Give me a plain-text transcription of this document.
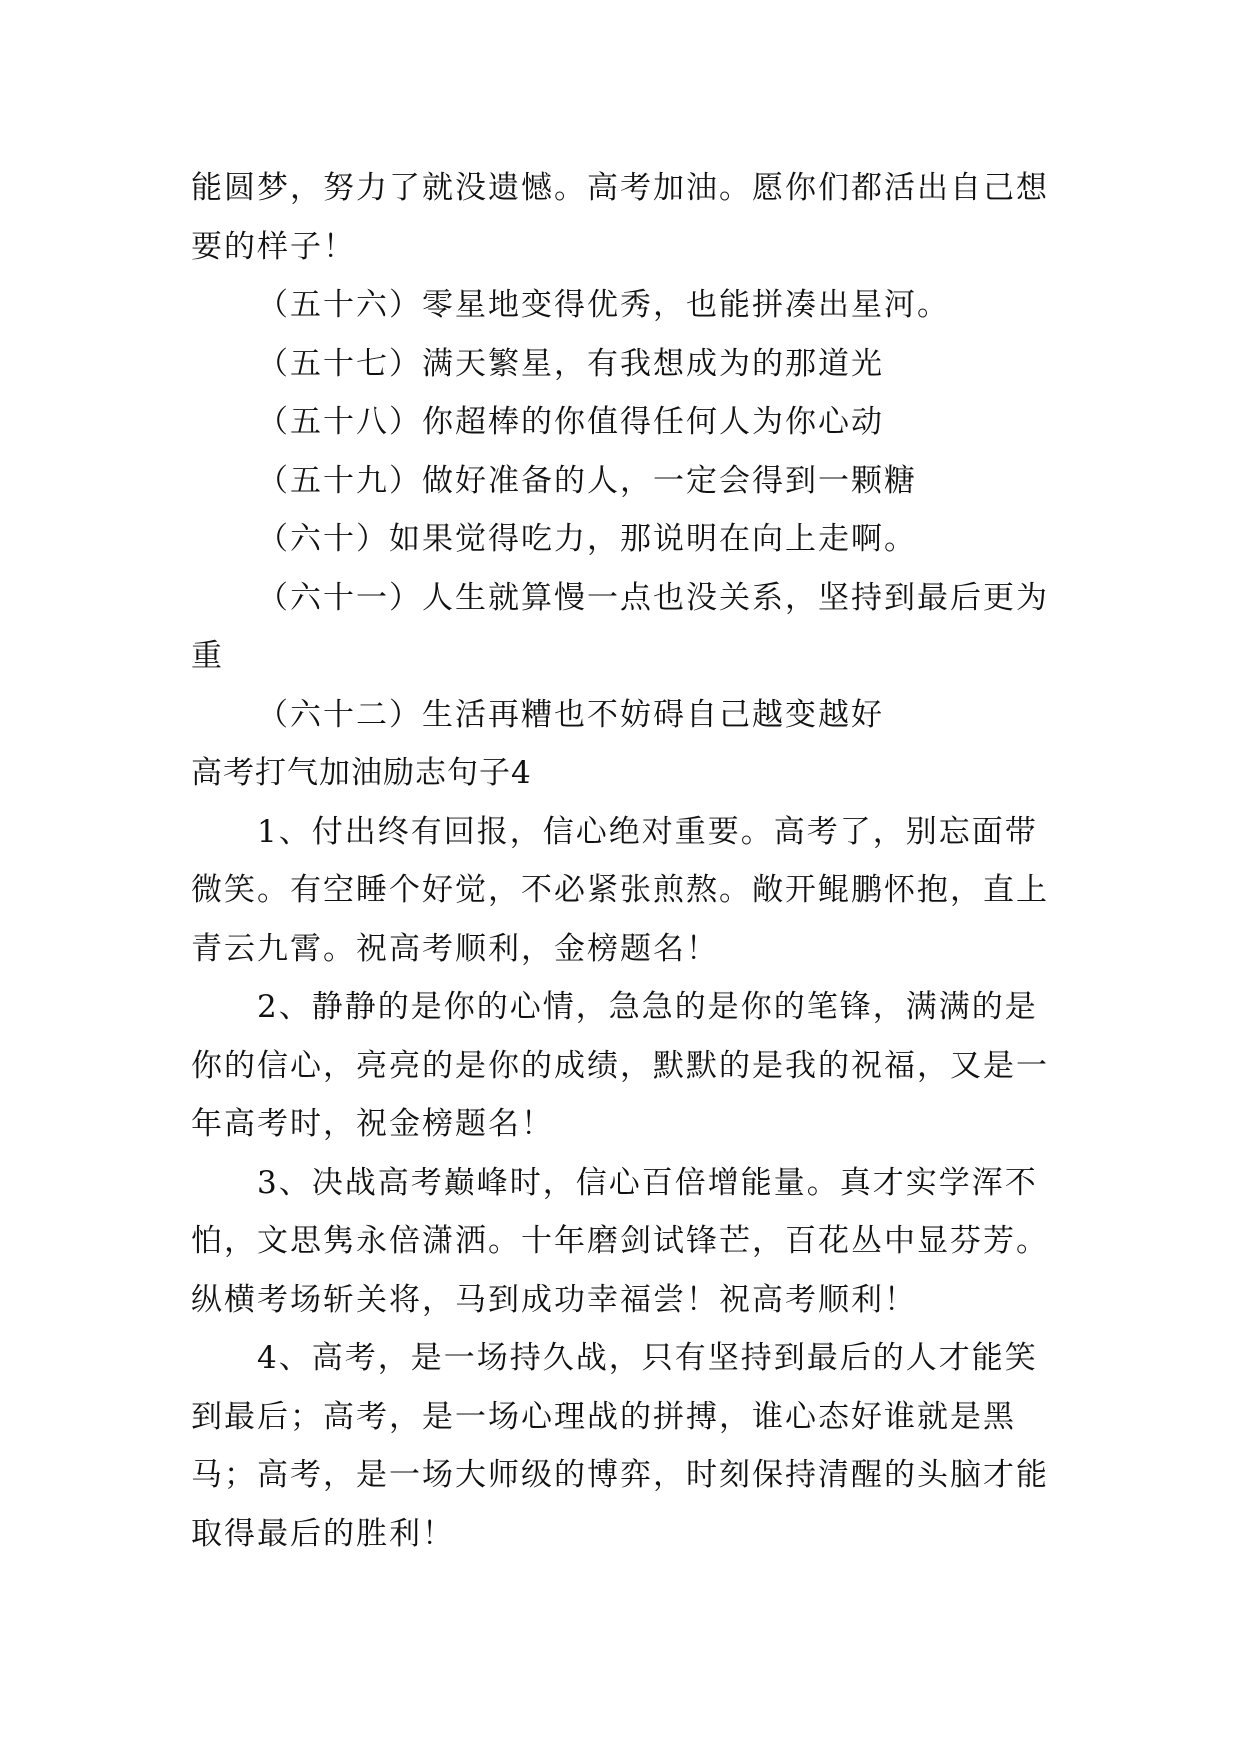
能圆梦，努力了就没遗憾。高考加油。愿你们都活出自己想要的样子！

（五十六）零星地变得优秀，也能拼凑出星河。

（五十七）满天繁星，有我想成为的那道光

（五十八）你超棒的你值得任何人为你心动

（五十九）做好准备的人，一定会得到一颗糖

（六十）如果觉得吃力，那说明在向上走啊。

（六十一）人生就算慢一点也没关系，坚持到最后更为重

（六十二）生活再糟也不妨碍自己越变越好

高考打气加油励志句子4

1、付出终有回报，信心绝对重要。高考了，别忘面带微笑。有空睡个好觉，不必紧张煎熬。敞开鲲鹏怀抱，直上青云九霄。祝高考顺利，金榜题名！

2、静静的是你的心情，急急的是你的笔锋，满满的是你的信心，亮亮的是你的成绩，默默的是我的祝福，又是一年高考时，祝金榜题名！

3、决战高考巅峰时，信心百倍增能量。真才实学浑不怕，文思隽永倍潇洒。十年磨剑试锋芒，百花丛中显芬芳。纵横考场斩关将，马到成功幸福尝！祝高考顺利！

4、高考，是一场持久战，只有坚持到最后的人才能笑到最后；高考，是一场心理战的拼搏，谁心态好谁就是黑马；高考，是一场大师级的博弈，时刻保持清醒的头脑才能取得最后的胜利！
